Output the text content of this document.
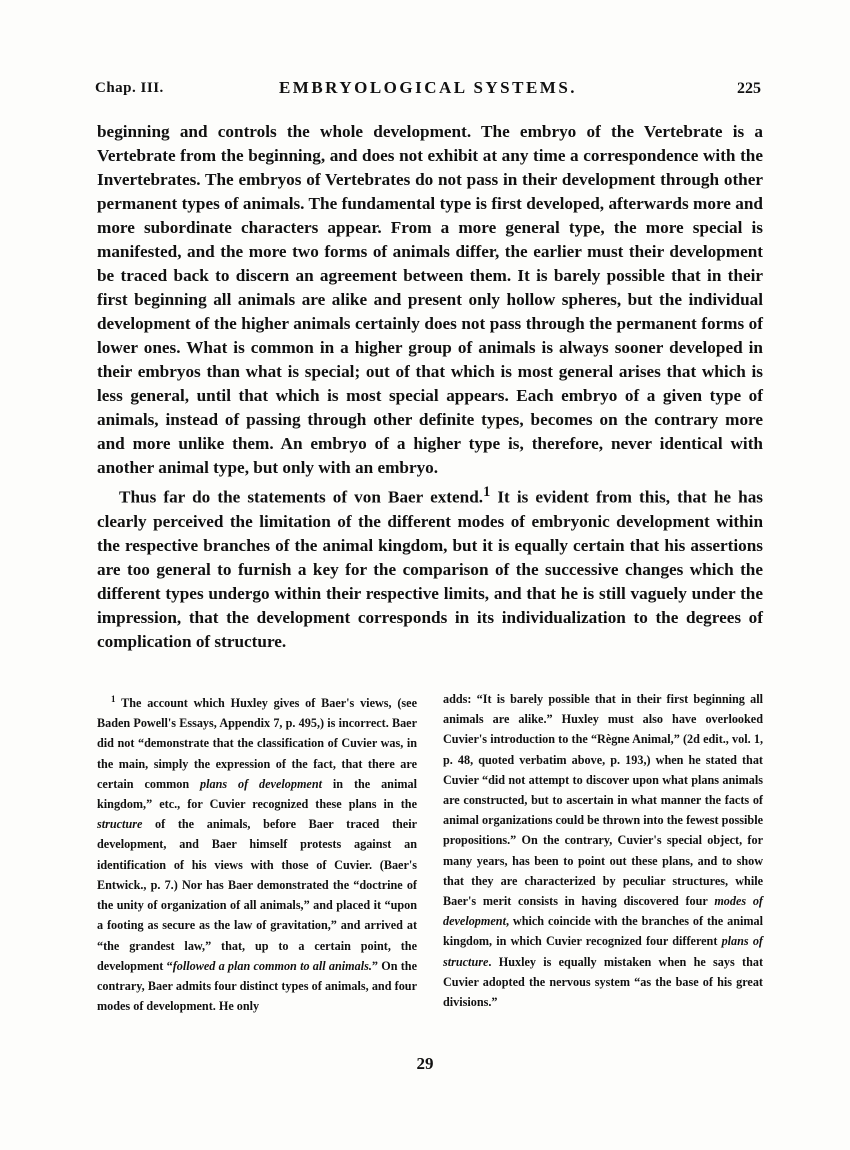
Chap. III.	EMBRYOLOGICAL SYSTEMS.	225

beginning and controls the whole development. The embryo of the Vertebrate is a Vertebrate from the beginning, and does not exhibit at any time a correspondence with the Invertebrates. The embryos of Vertebrates do not pass in their development through other permanent types of animals. The fundamental type is first developed, afterwards more and more subordinate characters appear. From a more general type, the more special is manifested, and the more two forms of animals differ, the earlier must their development be traced back to discern an agreement between them. It is barely possible that in their first beginning all animals are alike and present only hollow spheres, but the individual development of the higher animals certainly does not pass through the permanent forms of lower ones. What is common in a higher group of animals is always sooner developed in their embryos than what is special; out of that which is most general arises that which is less general, until that which is most special appears. Each embryo of a given type of animals, instead of passing through other definite types, becomes on the contrary more and more unlike them. An embryo of a higher type is, therefore, never identical with another animal type, but only with an embryo.

Thus far do the statements of von Baer extend.$^1$ It is evident from this, that he has clearly perceived the limitation of the different modes of embryonic development within the respective branches of the animal kingdom, but it is equally certain that his assertions are too general to furnish a key for the comparison of the successive changes which the different types undergo within their respective limits, and that he is still vaguely under the impression, that the development corresponds in its individualization to the degrees of complication of structure.

$^1$ The account which Huxley gives of Baer's views, (see Baden Powell's Essays, Appendix 7, p. 495,) is incorrect. Baer did not “demonstrate that the classification of Cuvier was, in the main, simply the expression of the fact, that there are certain common plans of development in the animal kingdom,” etc., for Cuvier recognized these plans in the structure of the animals, before Baer traced their development, and Baer himself protests against an identification of his views with those of Cuvier. (Baer's Entwick., p. 7.) Nor has Baer demonstrated the “doctrine of the unity of organization of all animals,” and placed it “upon a footing as secure as the law of gravitation,” and arrived at “the grandest law,” that, up to a certain point, the development “followed a plan common to all animals.” On the contrary, Baer admits four distinct types of animals, and four modes of development. He only
adds: “It is barely possible that in their first beginning all animals are alike.” Huxley must also have overlooked Cuvier's introduction to the “Règne Animal,” (2d edit., vol. 1, p. 48, quoted verbatim above, p. 193,) when he stated that Cuvier “did not attempt to discover upon what plans animals are constructed, but to ascertain in what manner the facts of animal organizations could be thrown into the fewest possible propositions.” On the contrary, Cuvier's special object, for many years, has been to point out these plans, and to show that they are characterized by peculiar structures, while Baer's merit consists in having discovered four modes of development, which coincide with the branches of the animal kingdom, in which Cuvier recognized four different plans of structure. Huxley is equally mistaken when he says that Cuvier adopted the nervous system “as the base of his great divisions.”
29
